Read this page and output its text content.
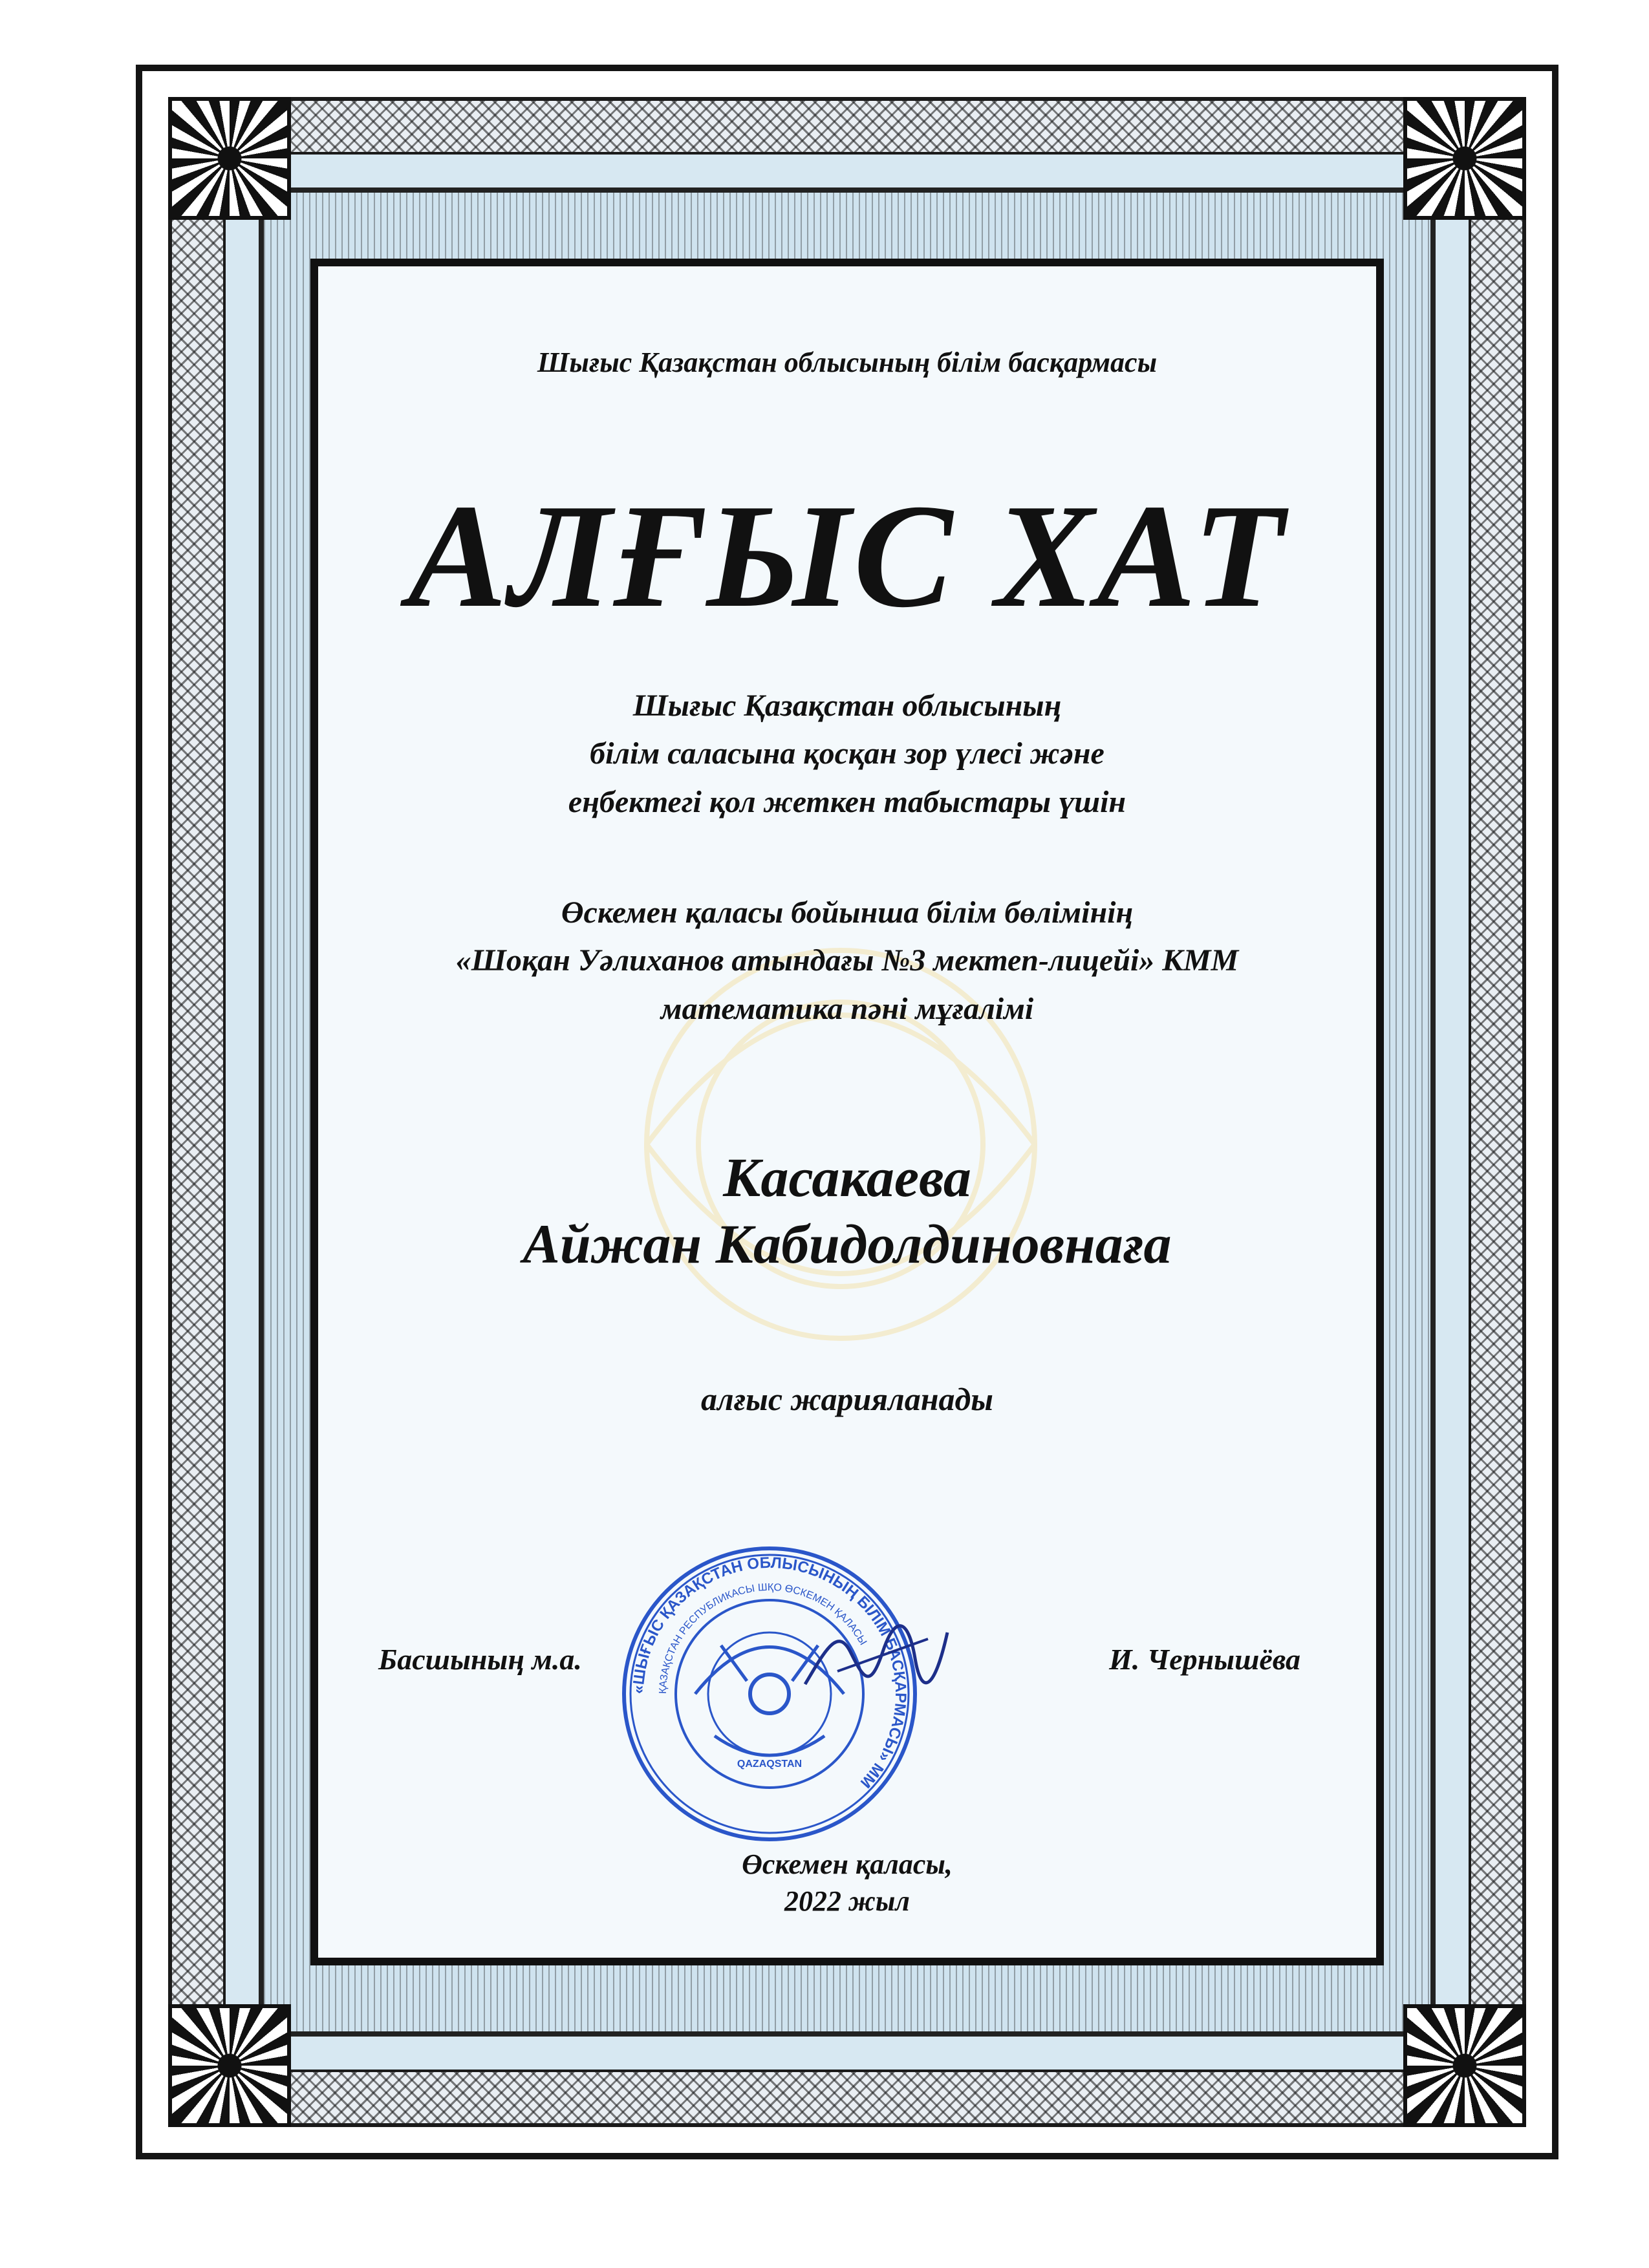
Шығыс Қазақстан облысының білім басқармасы

АЛҒЫС ХАТ

Шығыс Қазақстан облысының
білім саласына қосқан зор үлесі және
еңбектегі қол жеткен табыстары үшін
Өскемен қаласы бойынша білім бөлімінің
«Шоқан Уәлиханов атындағы №3 мектеп-лицейі» КММ
математика пәні мұғалімі
Касакаева
Айжан Кабидолдиновнаға

алғыс жарияланады

Басшының м.а.	И. Чернышёва

«ШЫҒЫС ҚАЗАҚСТАН ОБЛЫСЫНЫҢ БІЛІМ БАСҚАРМАСЫ» ММ
ҚАЗАҚСТАН РЕСПУБЛИКАСЫ ШҚО ӨСКЕМЕН ҚАЛАСЫ
QAZAQSTAN
Өскемен қаласы,
2022 жыл
